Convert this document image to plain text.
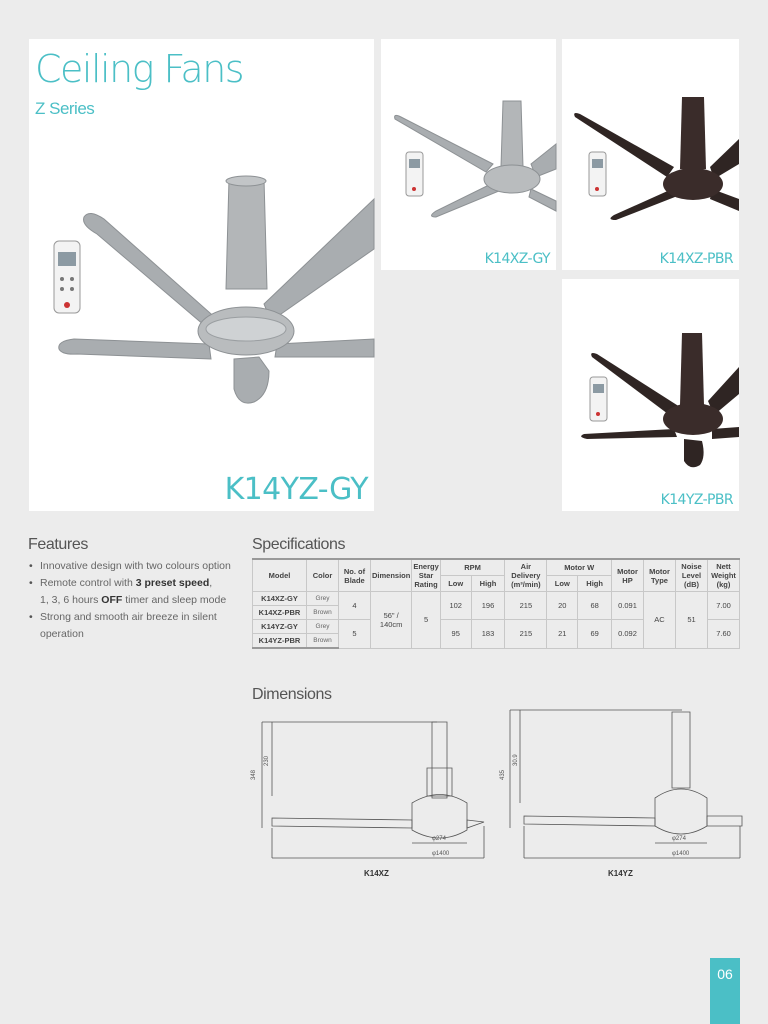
Ceiling Fans
Z Series
K14YZ-GY
K14XZ-GY	K14XZ-PBR
K14YZ-PBR
Features
• Innovative design with two colours option
• Remote control with 3 preset speed,
1, 3, 6 hours OFF timer and sleep mode
• Strong and smooth air breeze in silent operation
Specifications
Model	Color	No. of Blade	Dimension	Energy Star Rating	RPM		Air Delivery (m³/min)	Motor W		Motor HP	Motor Type	Noise Level (dB)	Nett Weight (kg)
					Low	High		Low	High				
K14XZ-GY	Grey	4	56" / 140cm	5	102	196	215	20	68	0.091	AC	51	7.00
K14XZ-PBR	Brown												
K14YZ-GY	Grey	5			95	183	215	21	69	0.092			7.60
K14YZ-PBR	Brown												
Dimensions
348
230
φ274
φ1400
K14XZ
435
30.9
φ274
φ1400
K14YZ
06
